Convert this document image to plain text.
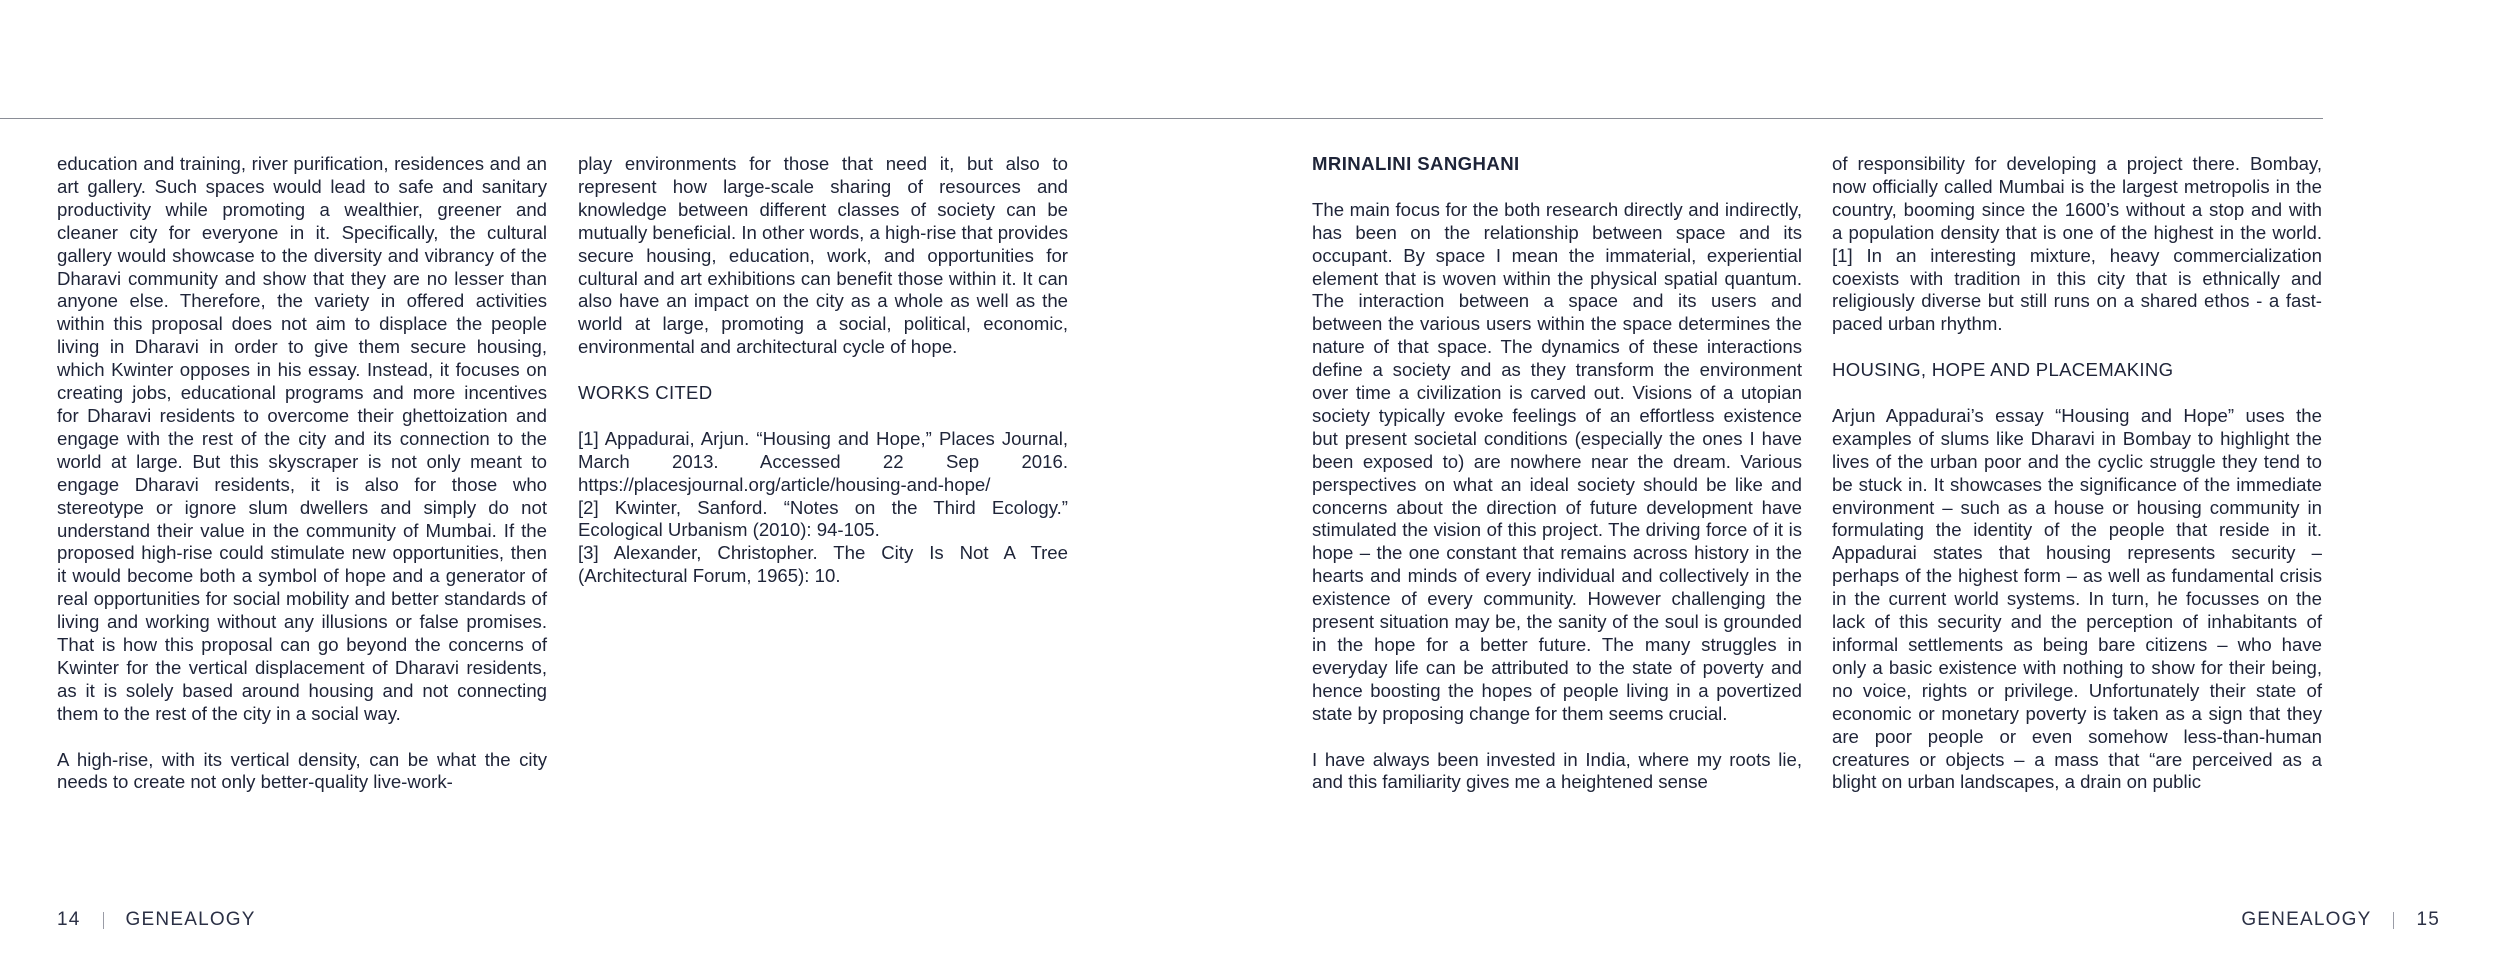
education and training, river purification, residences and an art gallery. Such spaces would lead to safe and sanitary productivity while promoting a wealthier, greener and cleaner city for everyone in it. Specifically, the cultural gallery would showcase to the diversity and vibrancy of the Dharavi community and show that they are no lesser than anyone else. Therefore, the variety in offered activities within this proposal does not aim to displace the people living in Dharavi in order to give them secure housing, which Kwinter opposes in his essay. Instead, it focuses on creating jobs, educational programs and more incentives for Dharavi residents to overcome their ghettoization and engage with the rest of the city and its connection to the world at large. But this skyscraper is not only meant to engage Dharavi residents, it is also for those who stereotype or ignore slum dwellers and simply do not understand their value in the community of Mumbai. If the proposed high-rise could stimulate new opportunities, then it would become both a symbol of hope and a generator of real opportunities for social mobility and better standards of living and working without any illusions or false promises. That is how this proposal can go beyond the concerns of Kwinter for the vertical displacement of Dharavi residents, as it is solely based around housing and not connecting them to the rest of the city in a social way.

A high-rise, with its vertical density, can be what the city needs to create not only better-quality live-work-

play environments for those that need it, but also to represent how large-scale sharing of resources and knowledge between different classes of society can be mutually beneficial. In other words, a high-rise that provides secure housing, education, work, and opportunities for cultural and art exhibitions can benefit those within it. It can also have an impact on the city as a whole as well as the world at large, promoting a social, political, economic, environmental and architectural cycle of hope.

WORKS CITED

[1] Appadurai, Arjun. “Housing and Hope,” Places Journal, March 2013. Accessed 22 Sep 2016. https://placesjournal.org/article/housing-and-hope/

[2] Kwinter, Sanford. “Notes on the Third Ecology.” Ecological Urbanism (2010): 94-105.

[3] Alexander, Christopher. The City Is Not A Tree (Architectural Forum, 1965): 10.

MRINALINI SANGHANI

The main focus for the both research directly and indirectly, has been on the relationship between space and its occupant. By space I mean the immaterial, experiential element that is woven within the physical spatial quantum. The interaction between a space and its users and between the various users within the space determines the nature of that space. The dynamics of these interactions define a society and as they transform the environment over time a civilization is carved out. Visions of a utopian society typically evoke feelings of an effortless existence but present societal conditions (especially the ones I have been exposed to) are nowhere near the dream. Various perspectives on what an ideal society should be like and concerns about the direction of future development have stimulated the vision of this project. The driving force of it is hope – the one constant that remains across history in the hearts and minds of every individual and collectively in the existence of every community. However challenging the present situation may be, the sanity of the soul is grounded in the hope for a better future. The many struggles in everyday life can be attributed to the state of poverty and hence boosting the hopes of people living in a povertized state by proposing change for them seems crucial.

I have always been invested in India, where my roots lie, and this familiarity gives me a heightened sense

of responsibility for developing a project there. Bombay, now officially called Mumbai is the largest metropolis in the country, booming since the 1600’s without a stop and with a population density that is one of the highest in the world. [1] In an interesting mixture, heavy commercialization coexists with tradition in this city that is ethnically and religiously diverse but still runs on a shared ethos - a fast-paced urban rhythm.

HOUSING, HOPE AND PLACEMAKING

Arjun Appadurai’s essay “Housing and Hope” uses the examples of slums like Dharavi in Bombay to highlight the lives of the urban poor and the cyclic struggle they tend to be stuck in. It showcases the significance of the immediate environment – such as a house or housing community in formulating the identity of the people that reside in it. Appadurai states that housing represents security – perhaps of the highest form – as well as fundamental crisis in the current world systems. In turn, he focusses on the lack of this security and the perception of inhabitants of informal settlements as being bare citizens – who have only a basic existence with nothing to show for their being, no voice, rights or privilege. Unfortunately their state of economic or monetary poverty is taken as a sign that they are poor people or even somehow less-than-human creatures or objects – a mass that “are perceived as a blight on urban landscapes, a drain on public

14 GENEALOGY	GENEALOGY 15
